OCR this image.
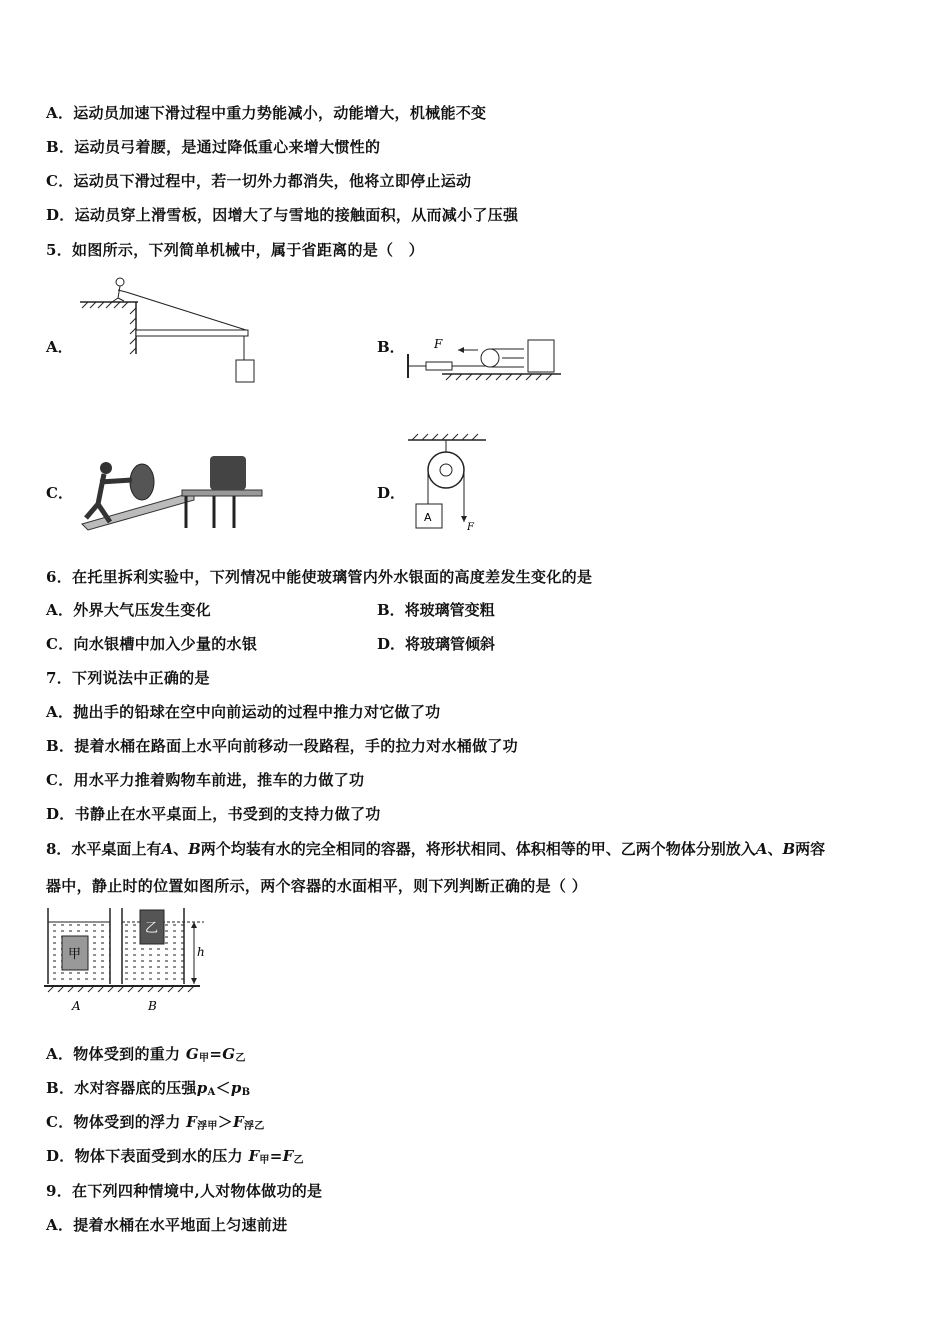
A．运动员加速下滑过程中重力势能减小，动能增大，机械能不变
B．运动员弓着腰，是通过降低重心来增大惯性的
C．运动员下滑过程中，若一切外力都消失，他将立即停止运动
D．运动员穿上滑雪板，因增大了与雪地的接触面积，从而减小了压强
5．如图所示，下列简单机械中，属于省距离的是（　）
A．	B． F
C．	D．
A
F
6．在托里拆利实验中，下列情况中能使玻璃管内外水银面的高度差发生变化的是
A．外界大气压发生变化	B．将玻璃管变粗
C．向水银槽中加入少量的水银	D．将玻璃管倾斜
7．下列说法中正确的是
A．抛出手的铅球在空中向前运动的过程中推力对它做了功
B．提着水桶在路面上水平向前移动一段路程，手的拉力对水桶做了功
C．用水平力推着购物车前进，推车的力做了功
D．书静止在水平桌面上，书受到的支持力做了功
8．水平桌面上有A、B两个均装有水的完全相同的容器，将形状相同、体积相等的甲、乙两个物体分别放入A、B两容
器中，静止时的位置如图所示，两个容器的水面相平，则下列判断正确的是（ ）
甲
乙
h
A	B
A．物体受到的重力 $G_甲=G_乙$
B．水对容器底的压强$p_A<p_B$
C．物体受到的浮力 $F_{浮甲}>F_{浮乙}$
D．物体下表面受到水的压力 $F_甲=F_乙$
9．在下列四种情境中,人对物体做功的是
A．提着水桶在水平地面上匀速前进
